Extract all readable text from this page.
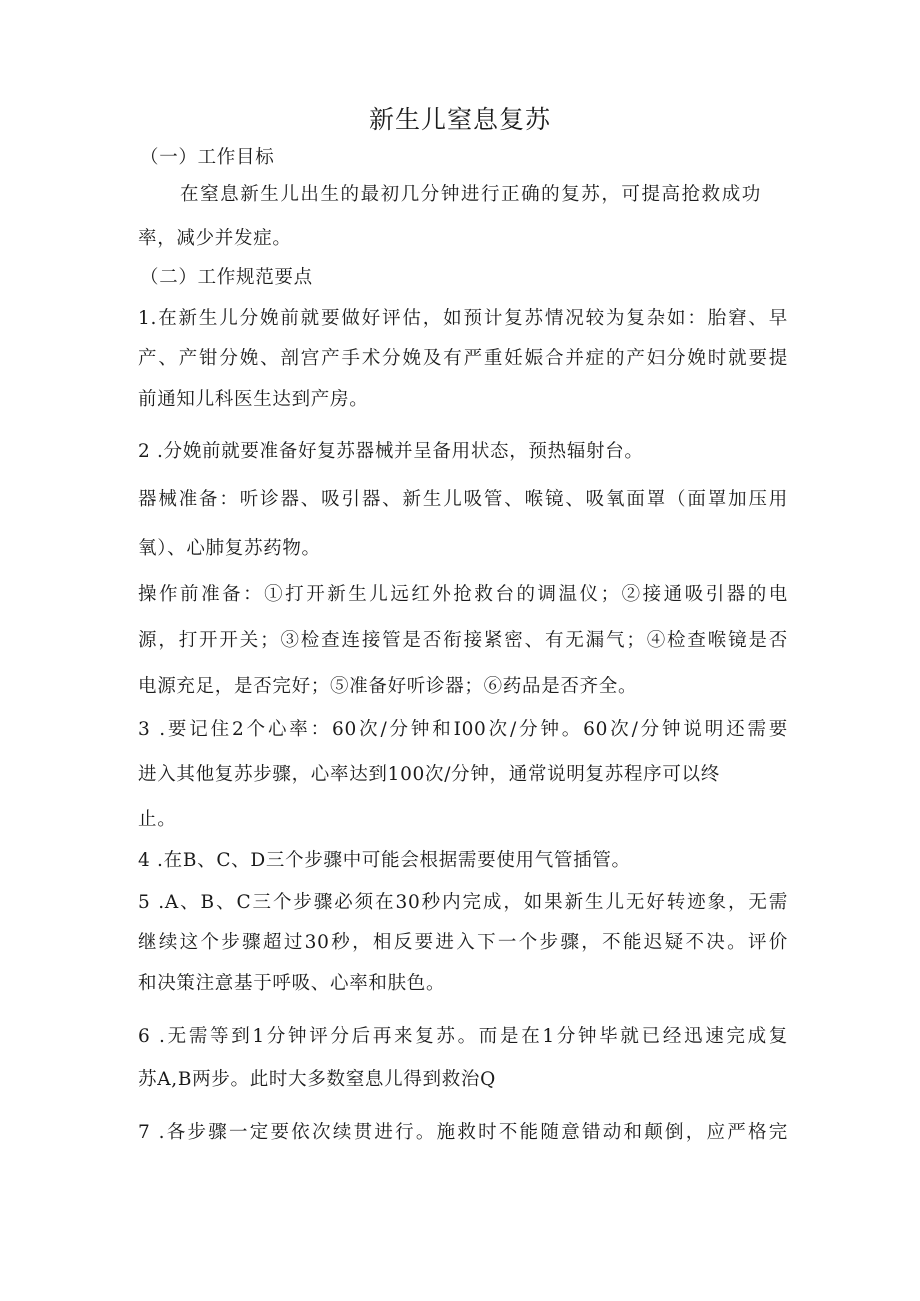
新生儿窒息复苏
（一）工作目标
在窒息新生儿出生的最初几分钟进行正确的复苏，可提高抢救成功
率，减少并发症。
（二）工作规范要点
1.在新生儿分娩前就要做好评估，如预计复苏情况较为复杂如：胎窘、早
产、产钳分娩、剖宫产手术分娩及有严重妊娠合并症的产妇分娩时就要提
前通知儿科医生达到产房。
2 .分娩前就要准备好复苏器械并呈备用状态，预热辐射台。
器械准备：听诊器、吸引器、新生儿吸管、喉镜、吸氧面罩（面罩加压用
氧）、心肺复苏药物。
操作前准备：①打开新生儿远红外抢救台的调温仪；②接通吸引器的电
源，打开开关；③检查连接管是否衔接紧密、有无漏气；④检查喉镜是否
电源充足，是否完好；⑤准备好听诊器；⑥药品是否齐全。
3 .要记住2个心率：60次/分钟和I00次/分钟。60次/分钟说明还需要
进入其他复苏步骤，心率达到100次/分钟，通常说明复苏程序可以终
止。
4 .在B、C、D三个步骤中可能会根据需要使用气管插管。
5 .A、B、C三个步骤必须在30秒内完成，如果新生儿无好转迹象，无需
继续这个步骤超过30秒，相反要进入下一个步骤，不能迟疑不决。评价
和决策注意基于呼吸、心率和肤色。
6 .无需等到1分钟评分后再来复苏。而是在1分钟毕就已经迅速完成复
苏A,B两步。此时大多数窒息儿得到救治Q
7 .各步骤一定要依次续贯进行。施救时不能随意错动和颠倒，应严格完
